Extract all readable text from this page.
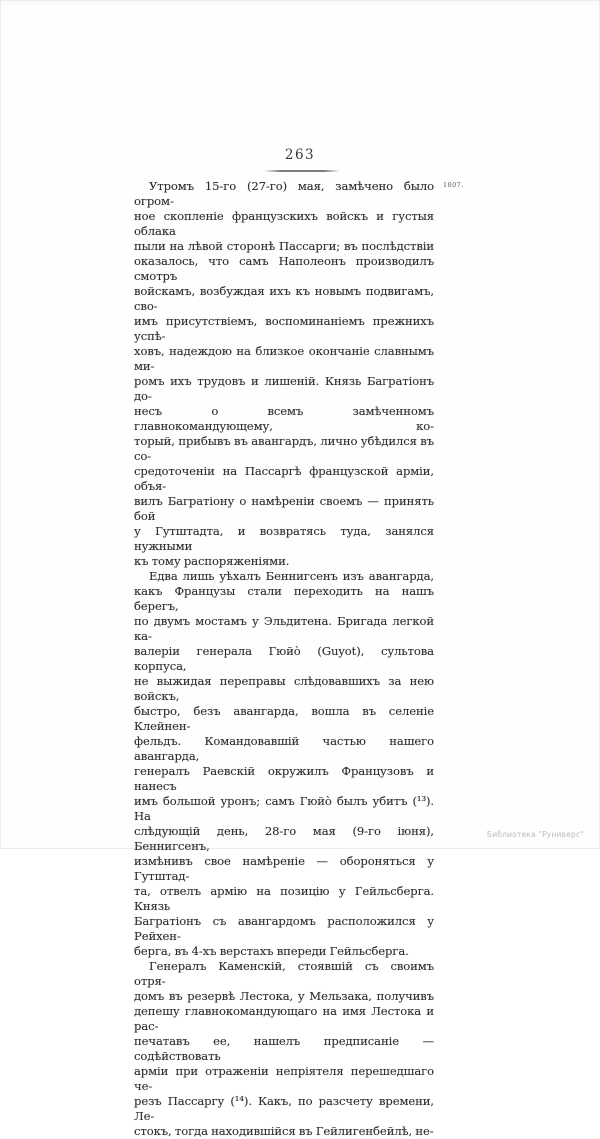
263
1807.
Утромъ 15-го (27-го) мая, замѣчено было огром-
ное скопленіе французскихъ войскъ и густыя облака
пыли на лѣвой сторонѣ Пассарги; въ послѣдствіи
оказалось, что самъ Наполеонъ производилъ смотръ
войскамъ, возбуждая ихъ къ новымъ подвигамъ, сво-
имъ присутствіемъ, воспоминаніемъ прежнихъ успѣ-
ховъ, надеждою на близкое окончаніе славнымъ ми-
ромъ ихъ трудовъ и лишеній. Князь Багратіонъ до-
несъ о всемъ замѣченномъ главнокомандующему, ко-
торый, прибывъ въ авангардъ, лично убѣдился въ со-
средоточеніи на Пассаргѣ французской арміи, объя-
вилъ Багратіону о намѣреніи своемъ — принять бой
у Гутштадта, и возвратясь туда, занялся нужными
къ тому распоряженіями.
Едва лишь уѣхалъ Беннигсенъ изъ авангарда,
какъ Французы стали переходить на нашъ берегъ,
по двумъ мостамъ у Эльдитена. Бригада легкой ка-
валеріи генерала Гюйо̀ (Guyot), сультова корпуса,
не выжидая переправы слѣдовавшихъ за нею войскъ,
быстро, безъ авангарда, вошла въ селеніе Клейнен-
фельдъ. Командовавшій частью нашего авангарда,
генералъ Раевскій окружилъ Французовъ и нанесъ
имъ большой уронъ; самъ Гюйо̀ былъ убитъ (¹³). На
слѣдующій день, 28-го мая (9-го іюня), Беннигсенъ,
измѣнивъ свое намѣреніе — обороняться у Гутштад-
та, отвелъ армію на позицію у Гейльсберга. Князь
Багратіонъ съ авангардомъ расположился у Рейхен-
берга, въ 4-хъ верстахъ впереди Гейльсберга.
Генералъ Каменскій, стоявшій съ своимъ отря-
домъ въ резервѣ Лестока, у Мельзака, получивъ
депешу главнокомандующаго на имя Лестока и рас-
печатавъ ее, нашелъ предписаніе — содѣйствовать
арміи при отраженіи непріятеля перешедшаго че-
резъ Пассаргу (¹⁴). Какъ, по разсчету времени, Ле-
стокъ, тогда находившійся въ Гейлигенбейлѣ, не-
Библиотека "Руниверс"
